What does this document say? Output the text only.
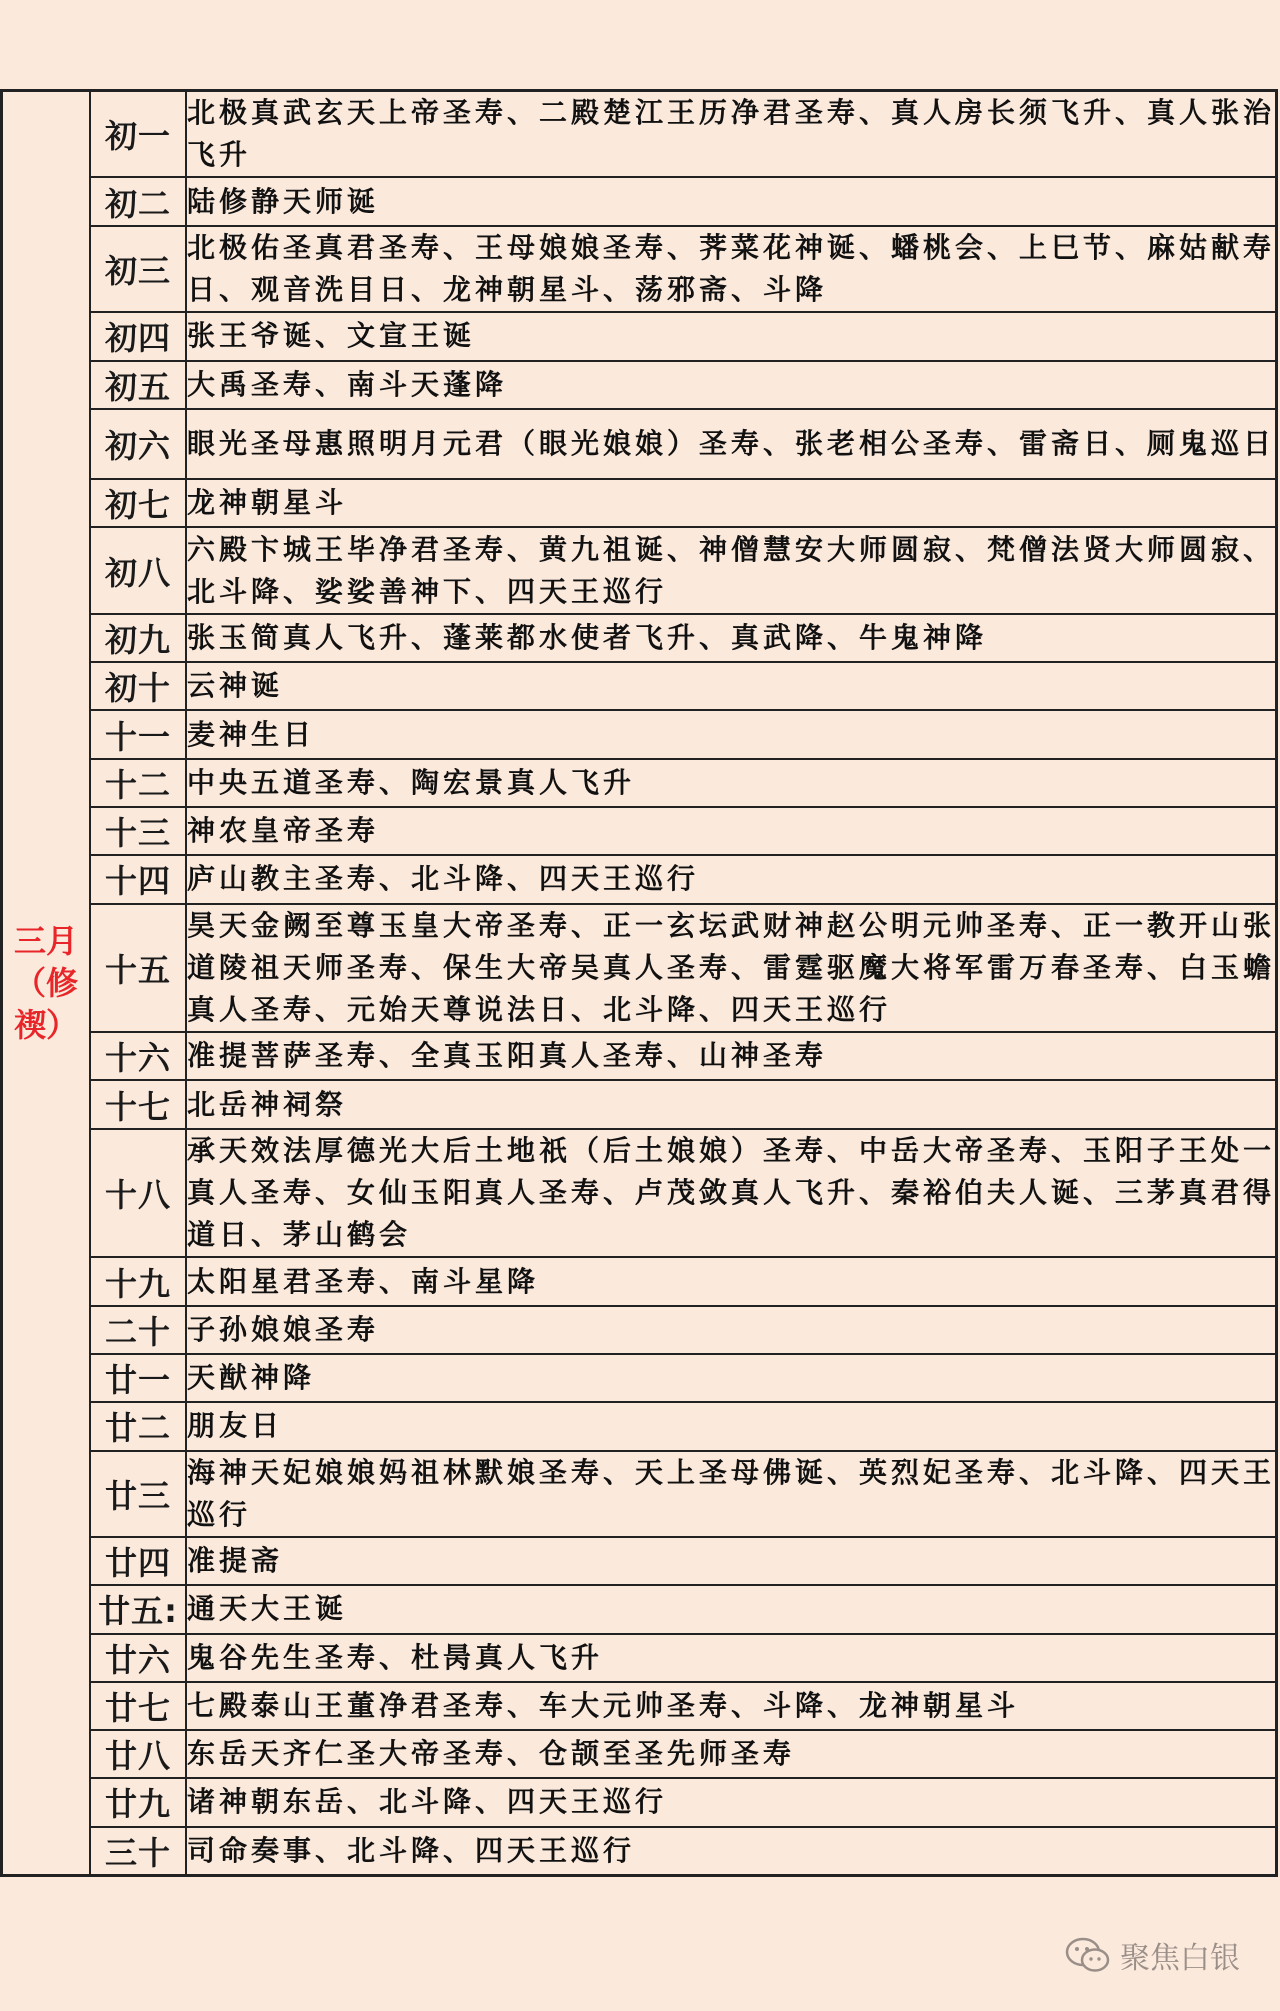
三月（修禊）	初一	北极真武玄天上帝圣寿、二殿楚江王历净君圣寿、真人房长须飞升、真人张治飞升
	初二	陆修静天师诞
	初三	北极佑圣真君圣寿、王母娘娘圣寿、荠菜花神诞、蟠桃会、上巳节、麻姑献寿日、观音洗目日、龙神朝星斗、荡邪斋、斗降
	初四	张王爷诞、文宣王诞
	初五	大禹圣寿、南斗天蓬降
	初六	眼光圣母惠照明月元君（眼光娘娘）圣寿、张老相公圣寿、雷斋日、厕鬼巡日
	初七	龙神朝星斗
	初八	六殿卞城王毕净君圣寿、黄九祖诞、神僧慧安大师圆寂、梵僧法贤大师圆寂、北斗降、娑娑善神下、四天王巡行
	初九	张玉简真人飞升、蓬莱都水使者飞升、真武降、牛鬼神降
	初十	云神诞
	十一	麦神生日
	十二	中央五道圣寿、陶宏景真人飞升
	十三	神农皇帝圣寿
	十四	庐山教主圣寿、北斗降、四天王巡行
	十五	昊天金阙至尊玉皇大帝圣寿、正一玄坛武财神赵公明元帅圣寿、正一教开山张道陵祖天师圣寿、保生大帝吴真人圣寿、雷霆驱魔大将军雷万春圣寿、白玉蟾真人圣寿、元始天尊说法日、北斗降、四天王巡行
	十六	准提菩萨圣寿、全真玉阳真人圣寿、山神圣寿
	十七	北岳神祠祭
	十八	承天效法厚德光大后土地祇（后土娘娘）圣寿、中岳大帝圣寿、玉阳子王处一真人圣寿、女仙玉阳真人圣寿、卢茂敛真人飞升、秦裕伯夫人诞、三茅真君得道日、茅山鹤会
	十九	太阳星君圣寿、南斗星降
	二十	子孙娘娘圣寿
	廿一	天猷神降
	廿二	朋友日
	廿三	海神天妃娘娘妈祖林默娘圣寿、天上圣母佛诞、英烈妃圣寿、北斗降、四天王巡行
	廿四	准提斋
	廿五:	通天大王诞
	廿六	鬼谷先生圣寿、杜昺真人飞升
	廿七	七殿泰山王董净君圣寿、车大元帅圣寿、斗降、龙神朝星斗
	廿八	东岳天齐仁圣大帝圣寿、仓颉至圣先师圣寿
	廿九	诸神朝东岳、北斗降、四天王巡行
	三十	司命奏事、北斗降、四天王巡行
聚焦白银
